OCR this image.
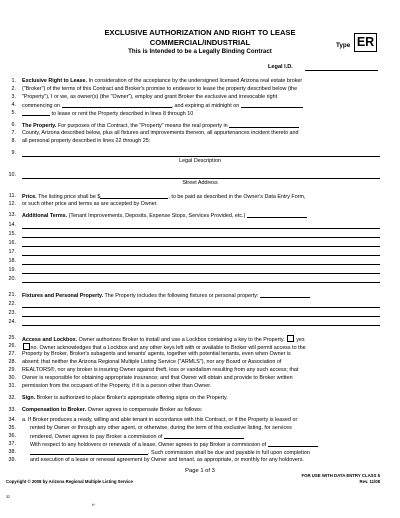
EXCLUSIVE AUTHORIZATION AND RIGHT TO LEASE
COMMERCIAL/INDUSTRIAL
This is Intended to be a Legally Binding Contract
Type ER
Legal I.D.
1. Exclusive Right to Lease. In consideration of the acceptance by the undersigned licensed Arizona real estate broker
2. ("Broker") of the terms of this Contract and Broker's promise to endeavor to lease the property described below (the
3. "Property"), I or we, as owner(s) (the "Owner"), employ and grant Broker the exclusive and irrevocable right
4. commencing on	, and expiring at midnight on
5.	to lease or rent the Property described in lines 8 through 10
6. The Property. For purposes of this Contract, the "Property" means the real property in
7. County, Arizona described below, plus all fixtures and improvements thereon, all appurtenances incident thereto and
8. all personal property described in lines 22 through 25:
9.
Legal Description
10.
Street Address
11. Price. The listing price shall be $	, to be paid as described in the Owner's Data Entry Form,
12. or such other price and terms as are accepted by Owner.
13. Additional Terms. (Tenant Improvements, Deposits, Expense Stops, Services Provided, etc.)
14.
15.
16.
17.
18.
19.
20.
21. Fixtures and Personal Property. The Property includes the following fixtures or personal property:
22.
23.
24.
25. Access and Lockbox. Owner authorizes Broker to install and use a Lockbox containing a key to the Property. yes
26.	no. Owner acknowledges that a Lockbox and any other keys left with or available to Broker will permit access to the
27. Property by Broker, Broker's subagents and tenants' agents, together with potential tenants, even when Owner is
28. absent; that neither the Arizona Regional Multiple Listing Service ("ARMLS"), nor any Board or Association of
29. REALTORS®, nor any broker is insuring Owner against theft, loss or vandalism resulting from any such access; that
30. Owner is responsible for obtaining appropriate insurance; and that Owner will obtain and provide to Broker written
31. permission from the occupant of the Property, if it is a person other than Owner.
32. Sign. Broker is authorized to place Broker's appropriate offering signs on the Property.
33. Compensation to Broker. Owner agrees to compensate Broker as follows:
34. a. If Broker produces a ready, willing and able tenant in accordance with this Contract, or if the Property is leased or
35.	rented by Owner or through any other agent, or otherwise, during the term of this exclusive listing, for services
36.	rendered, Owner agrees to pay Broker a commission of
37.	With respect to any holdovers or renewals of a lease, Owner agrees to pay Broker a commission of
38.	. Such commission shall be due and payable in full upon completion
39.	and execution of a lease or renewal agreement by Owner and tenant, as appropriate, or monthly for any holdovers.
Page 1 of 3
Copyright © 2008 by Arizona Regional Multiple Listing Service
FOR USE WITH DATA ENTRY CLASS 5
Rev. 11/08
32
H
